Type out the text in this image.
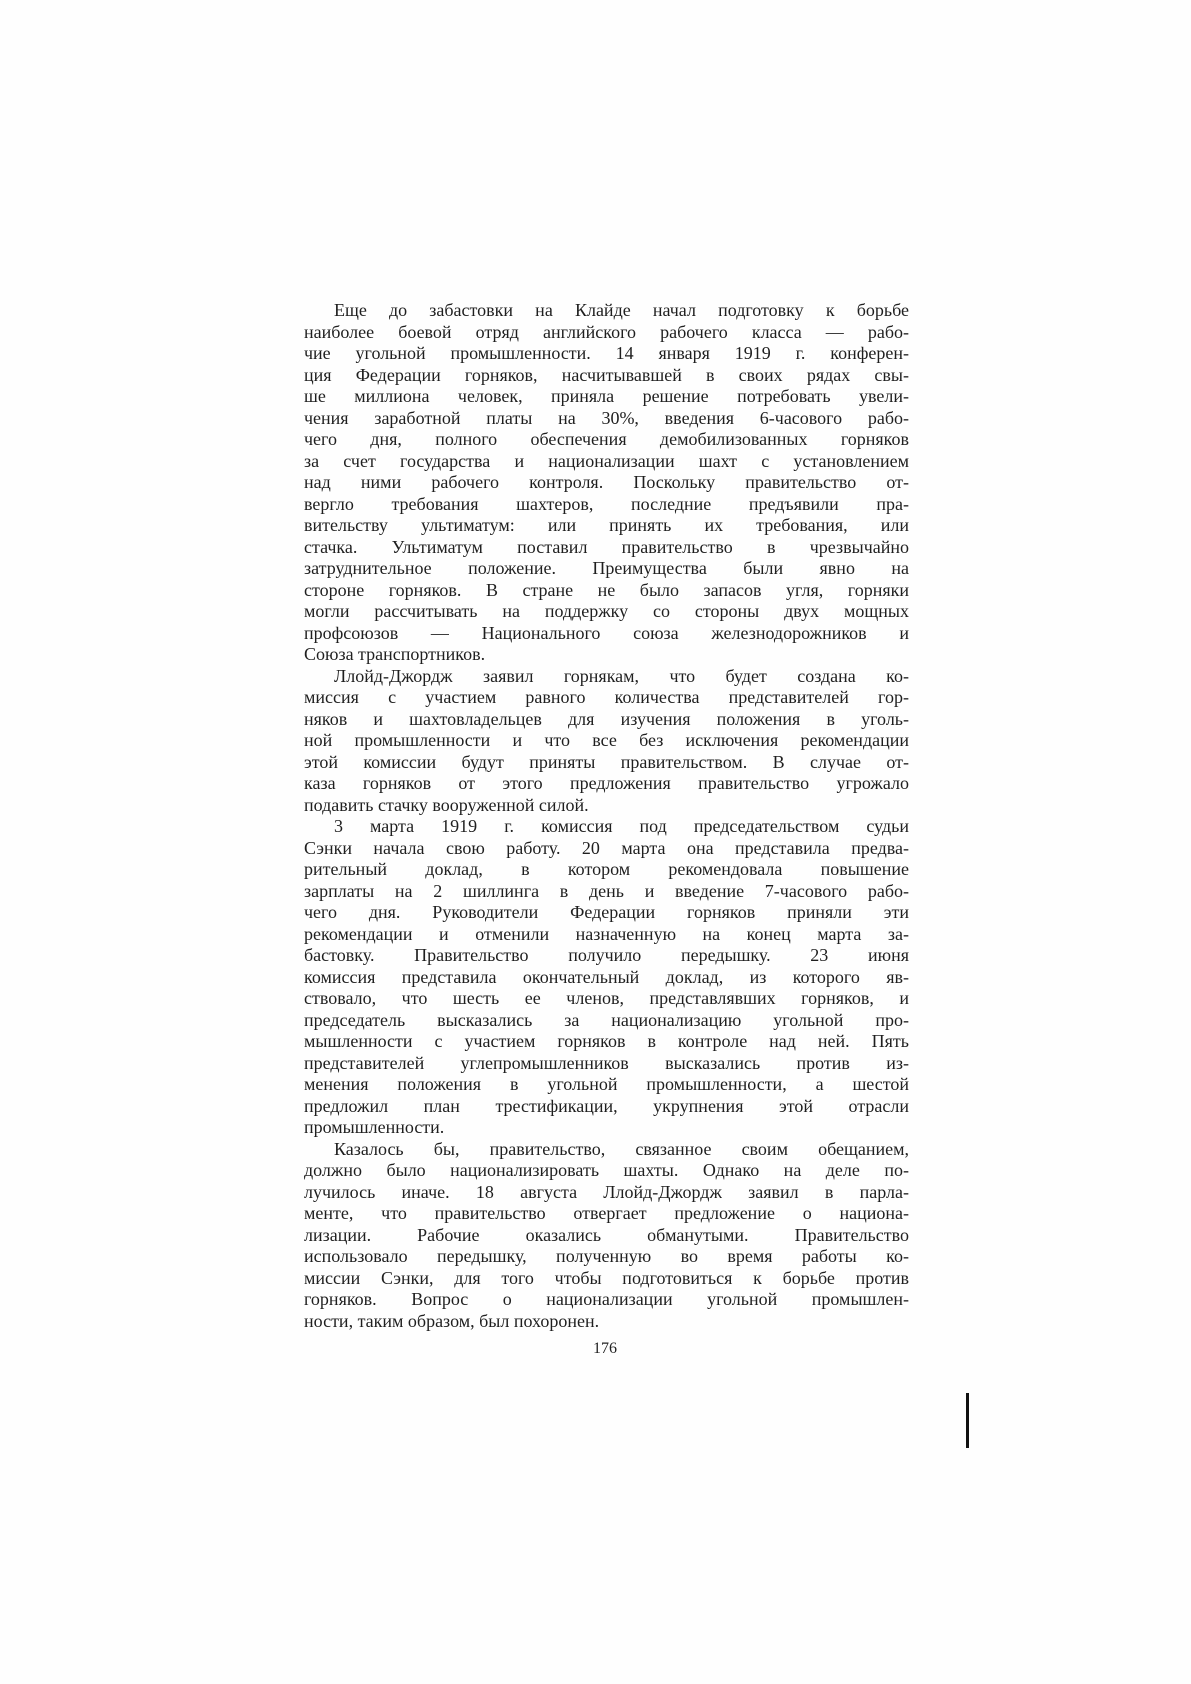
Еще до забастовки на Клайде начал подготовку к борьбе
наиболее боевой отряд английского рабочего класса — рабо-
чие угольной промышленности. 14 января 1919 г. конферен-
ция Федерации горняков, насчитывавшей в своих рядах свы-
ше миллиона человек, приняла решение потребовать увели-
чения заработной платы на 30%, введения 6-часового рабо-
чего дня, полного обеспечения демобилизованных горняков
за счет государства и национализации шахт с установлением
над ними рабочего контроля. Поскольку правительство от-
вергло требования шахтеров, последние предъявили пра-
вительству ультиматум: или принять их требования, или
стачка. Ультиматум поставил правительство в чрезвычайно
затруднительное положение. Преимущества были явно на
стороне горняков. В стране не было запасов угля, горняки
могли рассчитывать на поддержку со стороны двух мощных
профсоюзов — Национального союза железнодорожников и
Союза транспортников.
Ллойд-Джордж заявил горнякам, что будет создана ко-
миссия с участием равного количества представителей гор-
няков и шахтовладельцев для изучения положения в уголь-
ной промышленности и что все без исключения рекомендации
этой комиссии будут приняты правительством. В случае от-
каза горняков от этого предложения правительство угрожало
подавить стачку вооруженной силой.
3 марта 1919 г. комиссия под председательством судьи
Сэнки начала свою работу. 20 марта она представила предва-
рительный доклад, в котором рекомендовала повышение
зарплаты на 2 шиллинга в день и введение 7-часового рабо-
чего дня. Руководители Федерации горняков приняли эти
рекомендации и отменили назначенную на конец марта за-
бастовку. Правительство получило передышку. 23 июня
комиссия представила окончательный доклад, из которого яв-
ствовало, что шесть ее членов, представлявших горняков, и
председатель высказались за национализацию угольной про-
мышленности с участием горняков в контроле над ней. Пять
представителей углепромышленников высказались против из-
менения положения в угольной промышленности, а шестой
предложил план трестификации, укрупнения этой отрасли
промышленности.
Казалось бы, правительство, связанное своим обещанием,
должно было национализировать шахты. Однако на деле по-
лучилось иначе. 18 августа Ллойд-Джордж заявил в парла-
менте, что правительство отвергает предложение о национа-
лизации. Рабочие оказались обманутыми. Правительство
использовало передышку, полученную во время работы ко-
миссии Сэнки, для того чтобы подготовиться к борьбе против
горняков. Вопрос о национализации угольной промышлен-
ности, таким образом, был похоронен.
176
